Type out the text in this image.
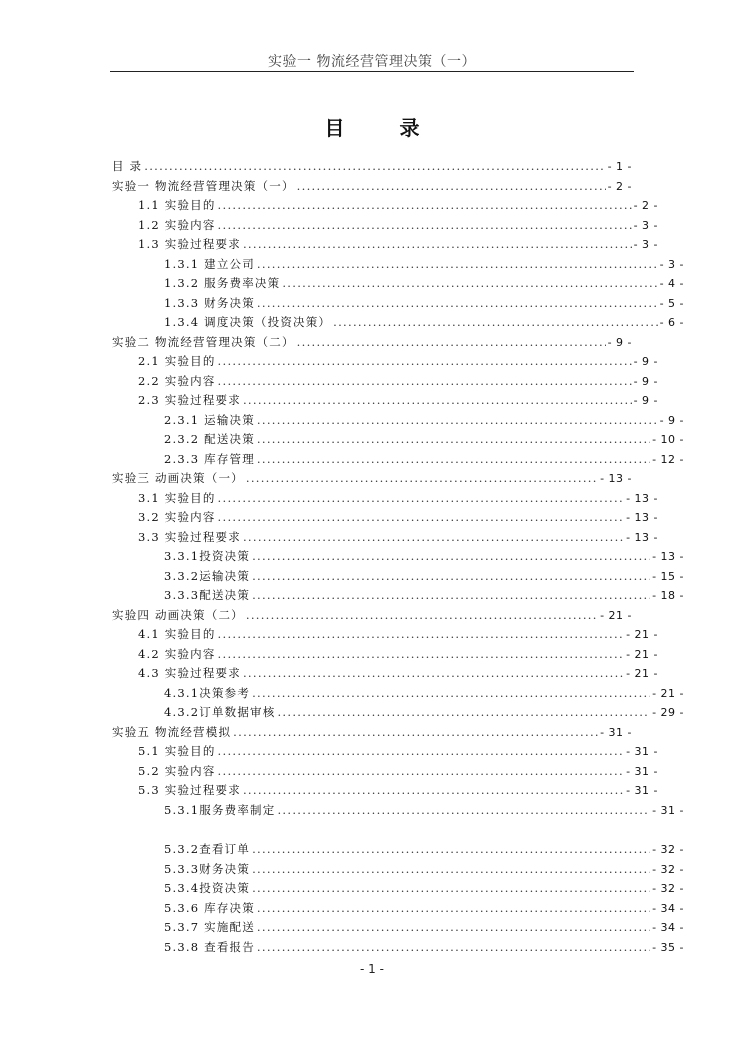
实验一 物流经营管理决策（一）
目 录
目 录 .....	- 1 -
实验一 物流经营管理决策（一） .....	- 2 -
1.1 实验目的 .....	- 2 -
1.2 实验内容 .....	- 3 -
1.3 实验过程要求 .....	- 3 -
1.3.1 建立公司 .....	- 3 -
1.3.2 服务费率决策 .....	- 4 -
1.3.3 财务决策 .....	- 5 -
1.3.4 调度决策（投资决策） .....	- 6 -
实验二 物流经营管理决策（二） .....	- 9 -
2.1 实验目的 .....	- 9 -
2.2 实验内容 .....	- 9 -
2.3 实验过程要求 .....	- 9 -
2.3.1 运输决策 .....	- 9 -
2.3.2 配送决策 .....	- 10 -
2.3.3 库存管理 .....	- 12 -
实验三 动画决策（一） .....	- 13 -
3.1 实验目的 .....	- 13 -
3.2 实验内容 .....	- 13 -
3.3 实验过程要求 .....	- 13 -
3.3.1投资决策 .....	- 13 -
3.3.2运输决策 .....	- 15 -
3.3.3配送决策 .....	- 18 -
实验四 动画决策（二） .....	- 21 -
4.1 实验目的 .....	- 21 -
4.2 实验内容 .....	- 21 -
4.3 实验过程要求 .....	- 21 -
4.3.1决策参考 .....	- 21 -
4.3.2订单数据审核 .....	- 29 -
实验五 物流经营模拟 .....	- 31 -
5.1 实验目的 .....	- 31 -
5.2 实验内容 .....	- 31 -
5.3 实验过程要求 .....	- 31 -
5.3.1服务费率制定 .....	- 31 -
5.3.2查看订单 .....	- 32 -
5.3.3财务决策 .....	- 32 -
5.3.4投资决策 .....	- 32 -
5.3.6 库存决策 .....	- 34 -
5.3.7 实施配送 .....	- 34 -
5.3.8 查看报告 .....	- 35 -
- 1 -
